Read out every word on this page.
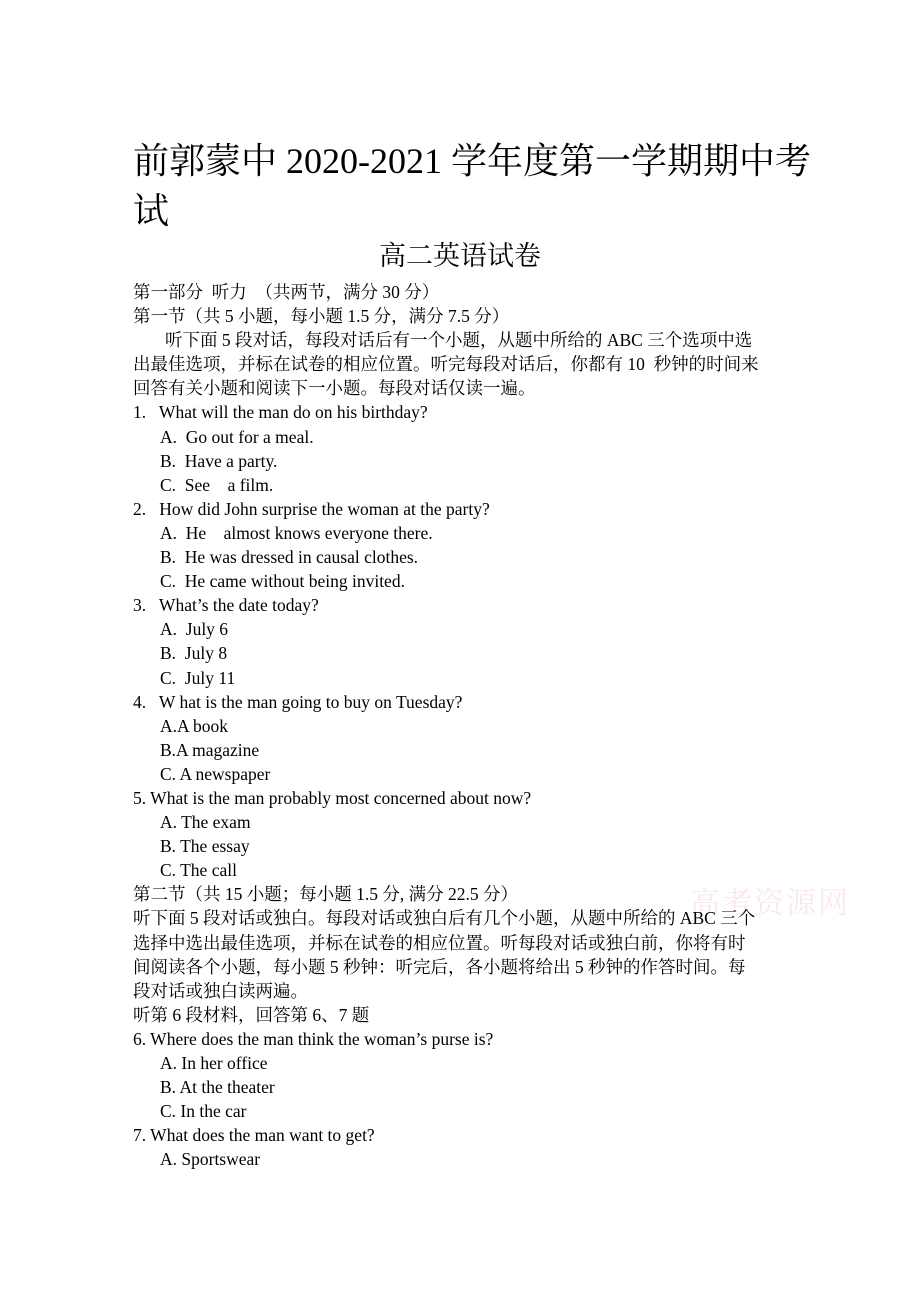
前郭蒙中 2020-2021 学年度第一学期期中考试
高二英语试卷
高考资源网
第一部分  听力  （共两节，满分 30 分）
第一节（共 5 小题，每小题 1.5 分，满分 7.5 分）
听下面 5 段对话，每段对话后有一个小题，从题中所给的 ABC 三个选项中选
出最佳选项，并标在试卷的相应位置。听完每段对话后，你都有 10  秒钟的时间来
回答有关小题和阅读下一小题。每段对话仅读一遍。
1.   What will the man do on his birthday?
A.  Go out for a meal.
B.  Have a party.
C.  See    a film.
2.   How did John surprise the woman at the party?
A.  He    almost knows everyone there.
B.  He was dressed in causal clothes.
C.  He came without being invited.
3.   What’s the date today?
A.  July 6
B.  July 8
C.  July 11
4.   W hat is the man going to buy on Tuesday?
A.A book
B.A magazine
C. A newspaper
5. What is the man probably most concerned about now?
A. The exam
B. The essay
C. The call
第二节（共 15 小题；每小题 1.5 分, 满分 22.5 分）
听下面 5 段对话或独白。每段对话或独白后有几个小题，从题中所给的 ABC 三个
选择中选出最佳选项，并标在试卷的相应位置。听每段对话或独白前，你将有时
间阅读各个小题，每小题 5 秒钟：听完后，各小题将给出 5 秒钟的作答时间。每
段对话或独白读两遍。
听第 6 段材料，回答第 6、7 题
6. Where does the man think the woman’s purse is?
A. In her office
B. At the theater
C. In the car
7. What does the man want to get?
A. Sportswear
